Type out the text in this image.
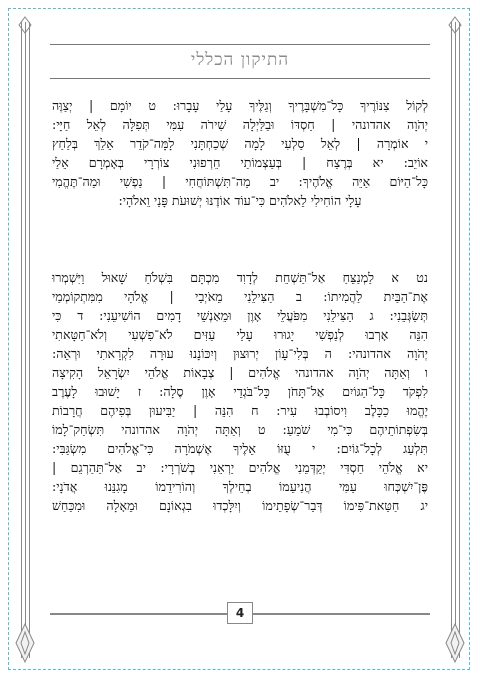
התיקון הכללי

לְקוֹל צִנּוֹרֶיךָ כָּל־מִשְׁבָּרֶיךָ וְגַלֶּיךָ עָלַי עָבָרוּ: ט יוֹמָם | יְצַוֶּה

יְהֹוָה אהדונהי | חַסְדּוֹ וּבַלַּיְלָה שִׁירֹה עִמִּי תְּפִלָּה לְאֵל חַיָּי:

י אוֹמְרָה | לְאֵל סַלְעִי לָמָה שְׁכַחְתָּנִי לָמָּה־קֹדֵר אֵלֵךְ בְּלַחַץ

אוֹיֵב: יא בְּרֶצַח | בְּעַצְמוֹתַי חֵרְפוּנִי צוֹרְרָי בְּאָמְרָם אֵלַי

כָּל־הַיּוֹם אַיֵּה אֱלֹהֶיךָ: יב מַה־תִּשְׁתּוֹחֲחִי | נַפְשִׁי וּמַה־תֶּהֱמִי

עָלָי הוֹחִילִי לֵאלֹהִים כִּי־עוֹד אוֹדֶנּוּ יְשׁוּעֹת פָּנַי וֵאלֹהָי:

נט א לַמְנַצֵּחַ אַל־תַּשְׁחֵת לְדָוִד מִכְתָּם בִּשְׁלֹחַ שָׁאוּל וַיִּשְׁמְרוּ

אֶת־הַבַּיִת לַהֲמִיתוֹ: ב הַצִּילֵנִי מֵאֹיְבַי | אֱלֹהָי מִמִּתְקוֹמְמַי

תְּשַׂגְּבֵנִי: ג הַצִּילֵנִי מִפֹּעֲלֵי אָוֶן וּמֵאַנְשֵׁי דָמִים הוֹשִׁיעֵנִי: ד כִּי

הִנֵּה אָרְבוּ לְנַפְשִׁי יָגוּרוּ עָלַי עַזִּים לֹא־פִשְׁעִי וְלֹא־חַטָּאתִי

יְהֹוָה אהדונהי: ה בְּלִי־עָוֹן יְרוּצוּן וְיִכּוֹנָנוּ עוּרָה לִקְרָאתִי וּרְאֵה:

ו וְאַתָּה יְהֹוָה אהדונהי אֱלֹהִים | צְבָאוֹת אֱלֹהֵי יִשְׂרָאֵל הָקִיצָה

לִפְקֹד כָּל־הַגּוֹיִם אַל־תָּחֹן כָּל־בֹּגְדֵי אָוֶן סֶלָה: ז יָשׁוּבוּ לָעֶרֶב

יֶהֱמוּ כַכָּלֶב וִיסוֹבְבוּ עִיר: ח הִנֵּה | יַבִּיעוּן בְּפִיהֶם חֲרָבוֹת

בְּשִׂפְתוֹתֵיהֶם כִּי־מִי שֹׁמֵעַ: ט וְאַתָּה יְהֹוָה אהדונהי תִּשְׂחַק־לָמוֹ

תִּלְעַג לְכָל־גּוֹיִם: י עֻזּוֹ אֵלֶיךָ אֶשְׁמֹרָה כִּי־אֱלֹהִים מִשְׂגַּבִּי:

יא אֱלֹהֵי חַסְדִּי יְקַדְּמֵנִי אֱלֹהִים יַרְאֵנִי בְשֹׁרְרָי: יב אַל־תַּהַרְגֵם |

פֶּן־יִשְׁכְּחוּ עַמִּי הֲנִיעֵמוֹ בְחֵילְךָ וְהוֹרִידֵמוֹ מָגִנֵּנוּ אֲדֹנָי:

יג חַטַּאת־פִּימוֹ דְּבַר־שְׂפָתֵימוֹ וְיִלָּכְדוּ בִגְאוֹנָם וּמֵאָלָה וּמִכַּחַשׁ

4
